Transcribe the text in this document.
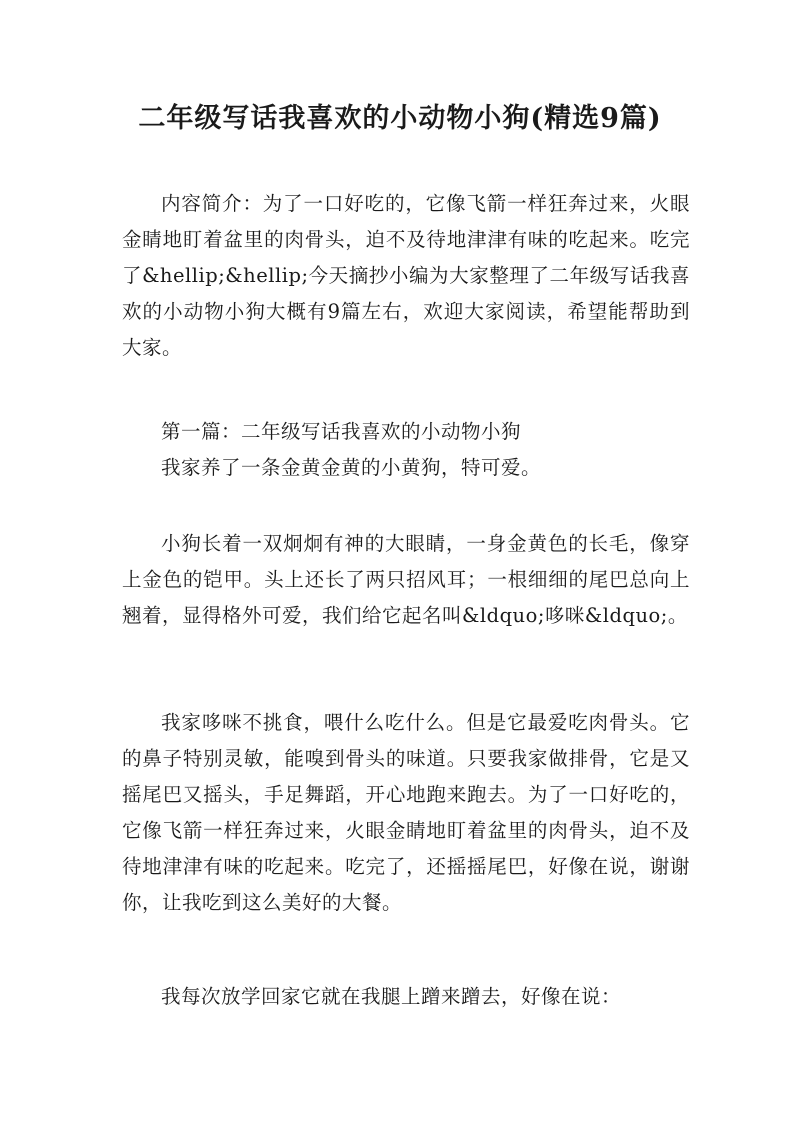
二年级写话我喜欢的小动物小狗(精选9篇)

内容简介：为了一口好吃的，它像飞箭一样狂奔过来，火眼金睛地盯着盆里的肉骨头，迫不及待地津津有味的吃起来。吃完了&hellip;&hellip;今天摘抄小编为大家整理了二年级写话我喜欢的小动物小狗大概有9篇左右，欢迎大家阅读，希望能帮助到大家。

第一篇：二年级写话我喜欢的小动物小狗

我家养了一条金黄金黄的小黄狗，特可爱。

小狗长着一双炯炯有神的大眼睛，一身金黄色的长毛，像穿上金色的铠甲。头上还长了两只招风耳；一根细细的尾巴总向上翘着，显得格外可爱，我们给它起名叫&ldquo;哆咪&ldquo;。

我家哆咪不挑食，喂什么吃什么。但是它最爱吃肉骨头。它的鼻子特别灵敏，能嗅到骨头的味道。只要我家做排骨，它是又摇尾巴又摇头，手足舞蹈，开心地跑来跑去。为了一口好吃的，它像飞箭一样狂奔过来，火眼金睛地盯着盆里的肉骨头，迫不及待地津津有味的吃起来。吃完了，还摇摇尾巴，好像在说，谢谢你，让我吃到这么美好的大餐。

我每次放学回家它就在我腿上蹭来蹭去，好像在说：
